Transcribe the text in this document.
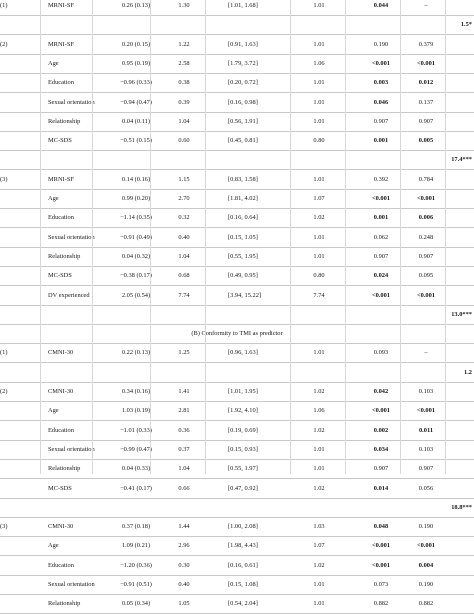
(1)	MRNI-SF	0.26 (0.13)	1.30	[1.01, 1.68]	1.01	0.044	–
1.5*
(2)	MRNI-SF	0.20 (0.15)	1.22	[0.91, 1.63]	1.01	0.190	0.379
Age	0.95 (0.19)	2.58	[1.79, 3.72]	1.06	<0.001	<0.001
Education	−0.96 (0.33)	0.38	[0.20, 0.72]	1.01	0.003	0.012
Sexual orientation	−0.94 (0.47)	0.39	[0.16, 0.98]	1.01	0.046	0.137
Relationship	0.04 (0.11)	1.04	[0.56, 1.91]	1.01	0.907	0.907
MC-SDS	−0.51 (0.15)	0.60	[0.45, 0.81]	0.80	0.001	0.005
17.4***
(3)	MRNI-SF	0.14 (0.16)	1.15	[0.83, 1.58]	1.01	0.392	0.784
Age	0.99 (0.20)	2.70	[1.81, 4.02]	1.07	<0.001	<0.001
Education	−1.14 (0.35)	0.32	[0.16, 0.64]	1.02	0.001	0.006
Sexual orientation	−0.91 (0.49)	0.40	[0.15, 1.05]	1.01	0.062	0.248
Relationship	0.04 (0.32)	1.04	[0.55, 1.95]	1.01	0.907	0.907
MC-SDS	−0.38 (0.17)	0.68	[0.49, 0.95]	0.80	0.024	0.095
DV experienced	2.05 (0.54)	7.74	[3.94, 15.22]	7.74	<0.001	<0.001
13.0***
(B) Conformity to TMI as predictor
(1)	CMNI-30	0.22 (0.13)	1.25	[0.96, 1.63]	1.01	0.093	–
1.2
(2)	CMNI-30	0.34 (0.16)	1.41	[1.01, 1.95]	1.02	0.042	0.103
Age	1.03 (0.19)	2.81	[1.92, 4.10]	1.06	<0.001	<0.001
Education	−1.01 (0.33)	0.36	[0.19, 0.69]	1.02	0.002	0.011
Sexual orientation	−0.99 (0.47)	0.37	[0.15, 0.93]	1.01	0.034	0.103
Relationship	0.04 (0.33)	1.04	[0.55, 1.97]	1.01	0.907	0.907
MC-SDS	−0.41 (0.17)	0.66	[0.47, 0.92]	1.02	0.014	0.056
18.8***
(3)	CMNI-30	0.37 (0.18)	1.44	[1.00, 2.08]	1.03	0.048	0.190
Age	1.09 (0.21)	2.96	[1.98, 4.43]	1.07	<0.001	<0.001
Education	−1.20 (0.36)	0.30	[0.16, 0.61]	1.02	<0.001	0.004
Sexual orientation	−0.91 (0.51)	0.40	[0.15, 1.08]	1.01	0.073	0.190
Relationship	0.05 (0.34)	1.05	[0.54, 2.04]	1.01	0.882	0.882
